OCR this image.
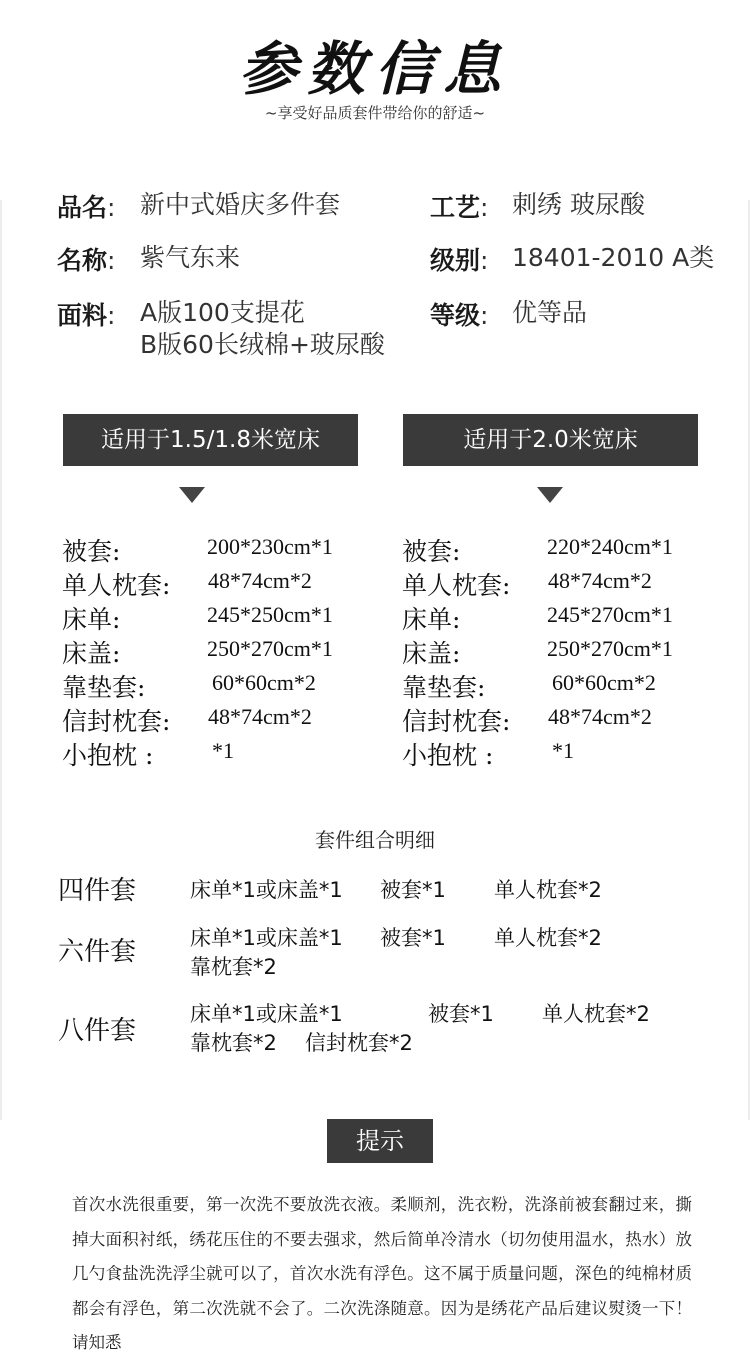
参数信息
~享受好品质套件带给你的舒适~
品名: 新中式婚庆多件套
名称: 紫气东来
面料: A版100支提花
B版60长绒棉+玻尿酸
工艺: 刺绣 玻尿酸
级别: 18401-2010 A类
等级: 优等品
适用于1.5/1.8米宽床	适用于2.0米宽床
被套:	200*230cm*1
单人枕套: 48*74cm*2
床单:	245*250cm*1
床盖:	250*270cm*1
靠垫套:	60*60cm*2
信封枕套: 48*74cm*2
小抱枕 :	*1
被套:	220*240cm*1
单人枕套: 48*74cm*2
床单:	245*270cm*1
床盖:	250*270cm*1
靠垫套:	60*60cm*2
信封枕套: 48*74cm*2
小抱枕 :	*1
套件组合明细
四件套	床单*1或床盖*1 被套*1 单人枕套*2
六件套	床单*1或床盖*1 被套*1 单人枕套*2
靠枕套*2
八件套
床单*1或床盖*1	被套*1 单人枕套*2
靠枕套*2 信封枕套*2
提示
首次水洗很重要，第一次洗不要放洗衣液。柔顺剂，洗衣粉，洗涤前被套翻过来，撕掉大面积衬纸，绣花压住的不要去强求，然后简单冷清水（切勿使用温水，热水）放几勺食盐洗洗浮尘就可以了，首次水洗有浮色。这不属于质量问题，深色的纯棉材质都会有浮色，第二次洗就不会了。二次洗涤随意。因为是绣花产品后建议熨烫一下！请知悉
